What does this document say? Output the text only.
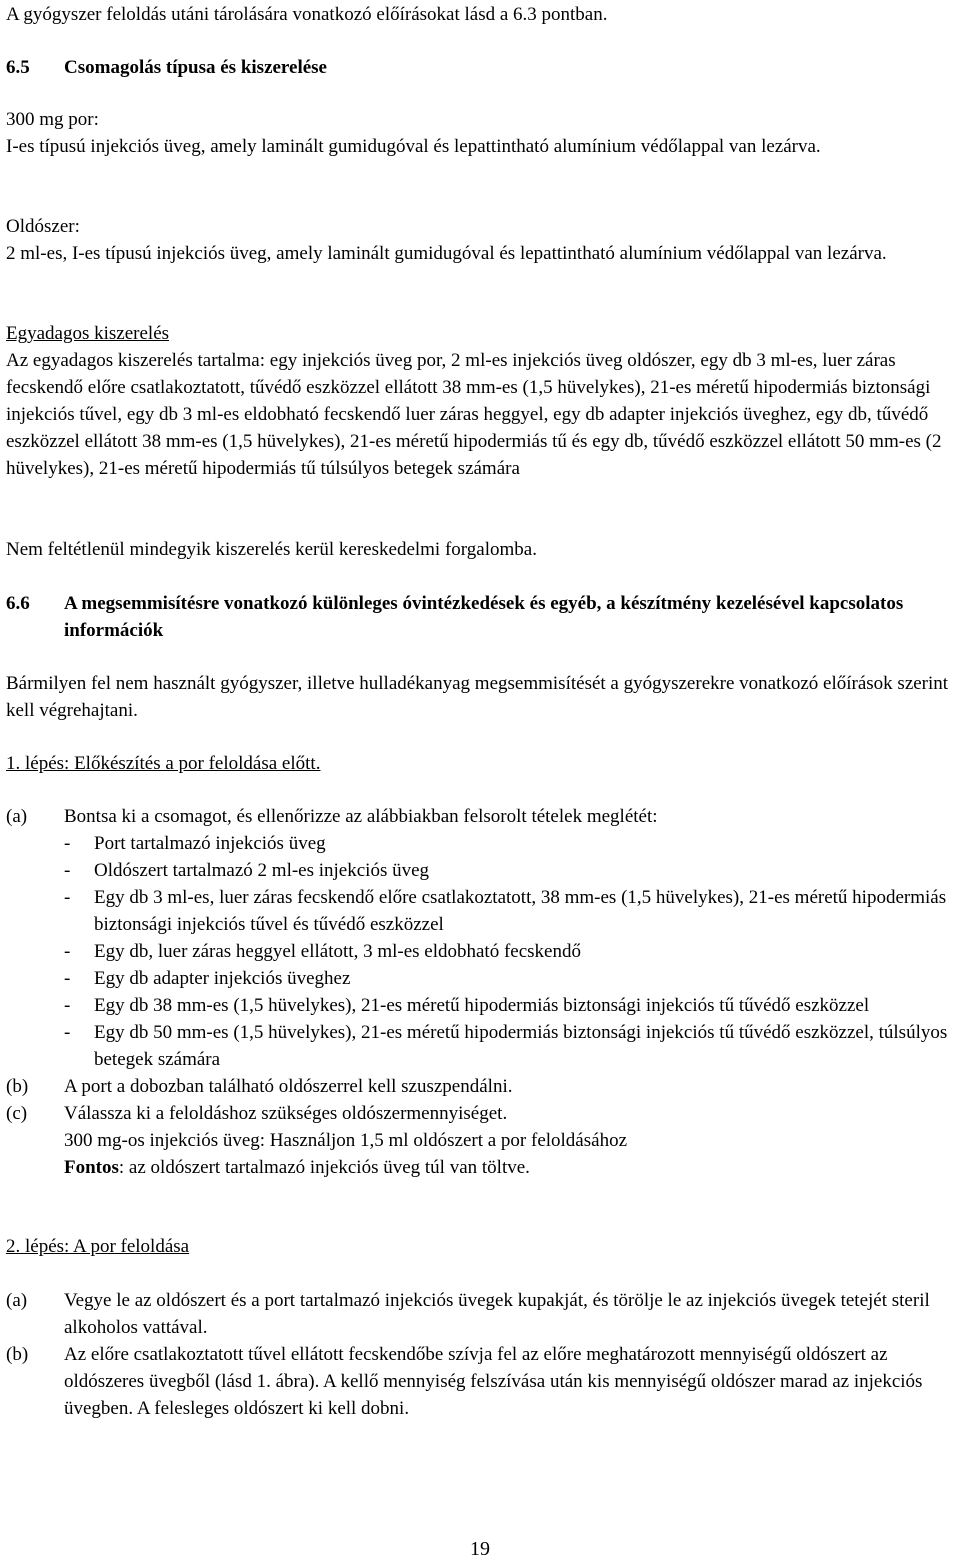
A gyógyszer feloldás utáni tárolására vonatkozó előírásokat lásd a 6.3 pontban.

6.5	Csomagolás típusa és kiszerelése

300 mg por:

I-es típusú injekciós üveg, amely laminált gumidugóval és lepattintható alumínium védőlappal van lezárva.

Oldószer:

2 ml-es, I-es típusú injekciós üveg, amely laminált gumidugóval és lepattintható alumínium védőlappal van lezárva.

Egyadagos kiszerelés

Az egyadagos kiszerelés tartalma: egy injekciós üveg por, 2 ml-es injekciós üveg oldószer, egy db 3 ml-es, luer záras fecskendő előre csatlakoztatott, tűvédő eszközzel ellátott 38 mm-es (1,5 hüvelykes), 21-es méretű hipodermiás biztonsági injekciós tűvel, egy db 3 ml-es eldobható fecskendő luer záras heggyel, egy db adapter injekciós üveghez, egy db, tűvédő eszközzel ellátott 38 mm-es (1,5 hüvelykes), 21-es méretű hipodermiás tű és egy db, tűvédő eszközzel ellátott 50 mm-es (2 hüvelykes), 21-es méretű hipodermiás tű túlsúlyos betegek számára

Nem feltétlenül mindegyik kiszerelés kerül kereskedelmi forgalomba.

6.6	A megsemmisítésre vonatkozó különleges óvintézkedések és egyéb, a készítmény kezelésével kapcsolatos információk

Bármilyen fel nem használt gyógyszer, illetve hulladékanyag megsemmisítését a gyógyszerekre vonatkozó előírások szerint kell végrehajtani.

1. lépés: Előkészítés a por feloldása előtt.

(a)	Bontsa ki a csomagot, és ellenőrizze az alábbiakban felsorolt tételek meglétét:

-	Port tartalmazó injekciós üveg
-	Oldószert tartalmazó 2 ml-es injekciós üveg
-	Egy db 3 ml-es, luer záras fecskendő előre csatlakoztatott, 38 mm-es (1,5 hüvelykes), 21-es méretű hipodermiás biztonsági injekciós tűvel és tűvédő eszközzel
-	Egy db, luer záras heggyel ellátott, 3 ml-es eldobható fecskendő
-	Egy db adapter injekciós üveghez
-	Egy db 38 mm-es (1,5 hüvelykes), 21-es méretű hipodermiás biztonsági injekciós tű tűvédő eszközzel
-	Egy db 50 mm-es (1,5 hüvelykes), 21-es méretű hipodermiás biztonsági injekciós tű tűvédő eszközzel, túlsúlyos betegek számára
(b)	A port a dobozban található oldószerrel kell szuszpendálni.

(c)	Válassza ki a feloldáshoz szükséges oldószermennyiséget.

300 mg-os injekciós üveg: Használjon 1,5 ml oldószert a por feloldásához

Fontos: az oldószert tartalmazó injekciós üveg túl van töltve.

2. lépés: A por feloldása

(a)	Vegye le az oldószert és a port tartalmazó injekciós üvegek kupakját, és törölje le az injekciós üvegek tetejét steril alkoholos vattával.

(b)	Az előre csatlakoztatott tűvel ellátott fecskendőbe szívja fel az előre meghatározott mennyiségű oldószert az oldószeres üvegből (lásd 1. ábra). A kellő mennyiség felszívása után kis mennyiségű oldószer marad az injekciós üvegben. A felesleges oldószert ki kell dobni.

19
